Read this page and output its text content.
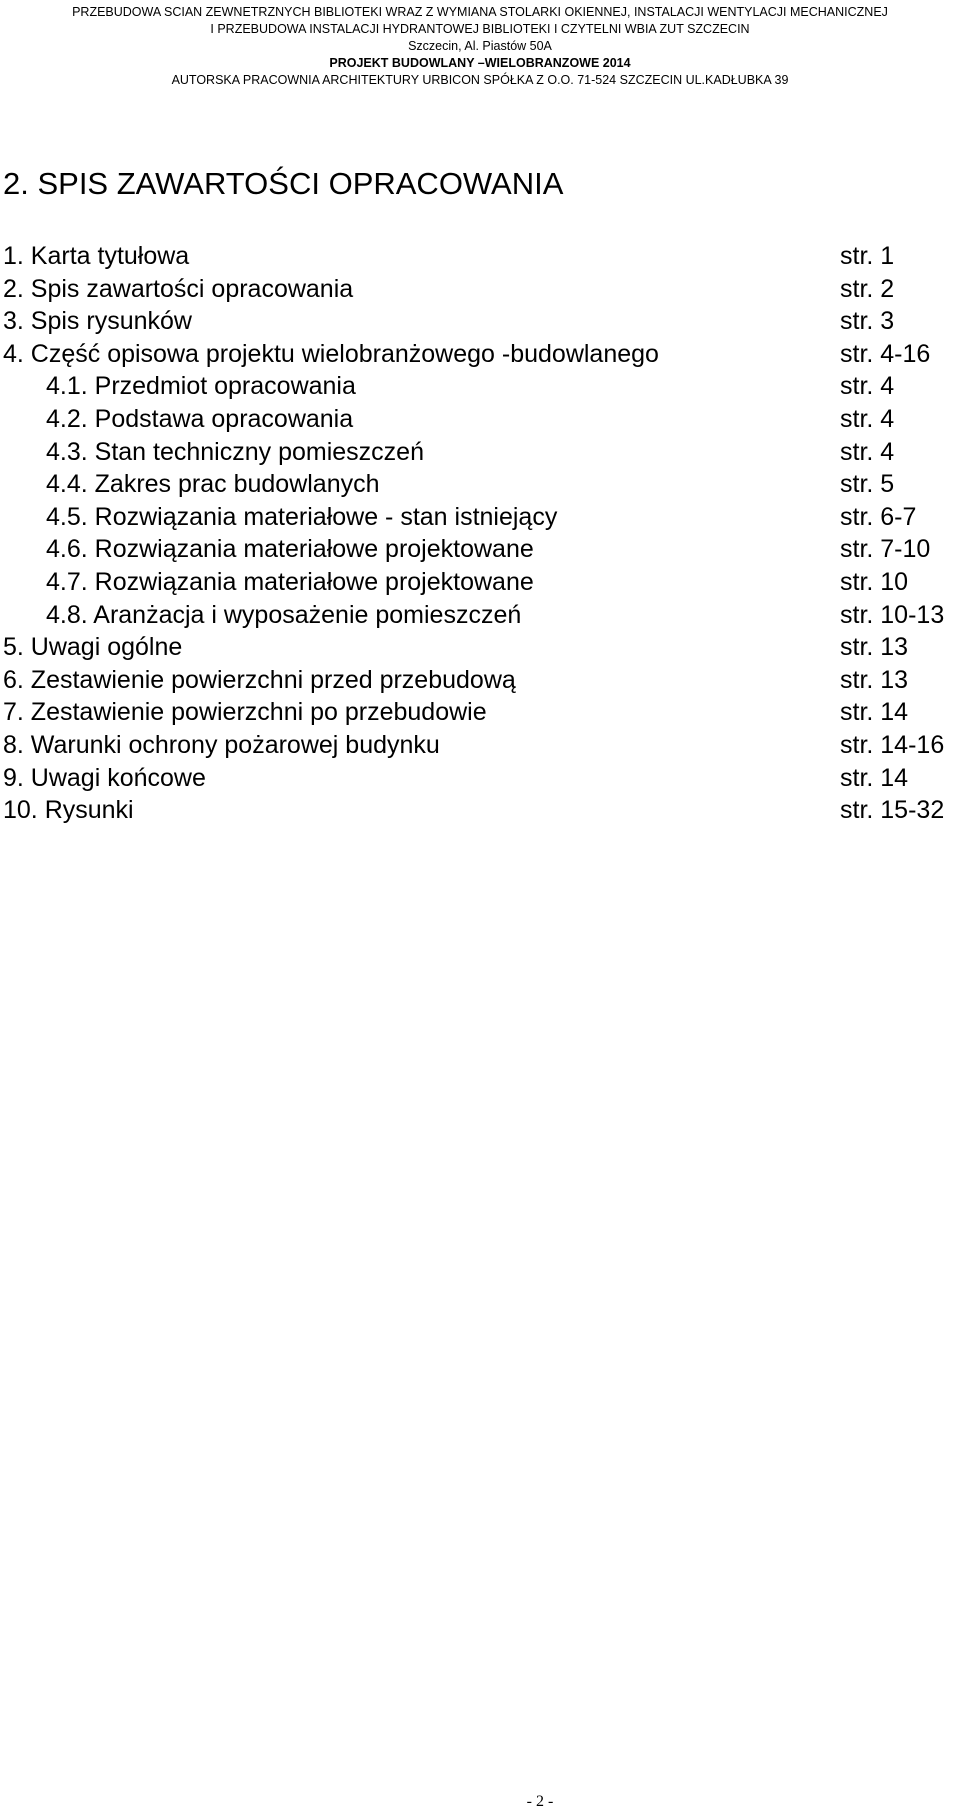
PRZEBUDOWA SCIAN ZEWNETRZNYCH BIBLIOTEKI WRAZ Z WYMIANA STOLARKI OKIENNEJ, INSTALACJI WENTYLACJI MECHANICZNEJ
I PRZEBUDOWA INSTALACJI HYDRANTOWEJ BIBLIOTEKI I CZYTELNI WBIA ZUT SZCZECIN
Szczecin, Al. Piastów 50A
PROJEKT BUDOWLANY –WIELOBRANZOWE 2014
AUTORSKA PRACOWNIA ARCHITEKTURY URBICON SPÓŁKA Z O.O. 71-524 SZCZECIN UL.KADŁUBKA 39
2. SPIS ZAWARTOŚCI OPRACOWANIA
1. Karta tytułowa	str. 1
2. Spis zawartości opracowania	str. 2
3. Spis rysunków	str. 3
4. Część opisowa projektu wielobranżowego -budowlanego	str. 4-16
4.1. Przedmiot opracowania	str. 4
4.2. Podstawa opracowania	str. 4
4.3. Stan techniczny pomieszczeń	str. 4
4.4. Zakres prac budowlanych	str. 5
4.5. Rozwiązania materiałowe - stan istniejący	str. 6-7
4.6. Rozwiązania materiałowe projektowane	str. 7-10
4.7. Rozwiązania materiałowe projektowane	str. 10
4.8. Aranżacja i wyposażenie pomieszczeń	str. 10-13
5. Uwagi ogólne	str. 13
6. Zestawienie powierzchni przed przebudową	str. 13
7. Zestawienie powierzchni po przebudowie	str. 14
8. Warunki ochrony pożarowej budynku	str. 14-16
9. Uwagi końcowe	str. 14
10. Rysunki	str. 15-32
- 2 -
